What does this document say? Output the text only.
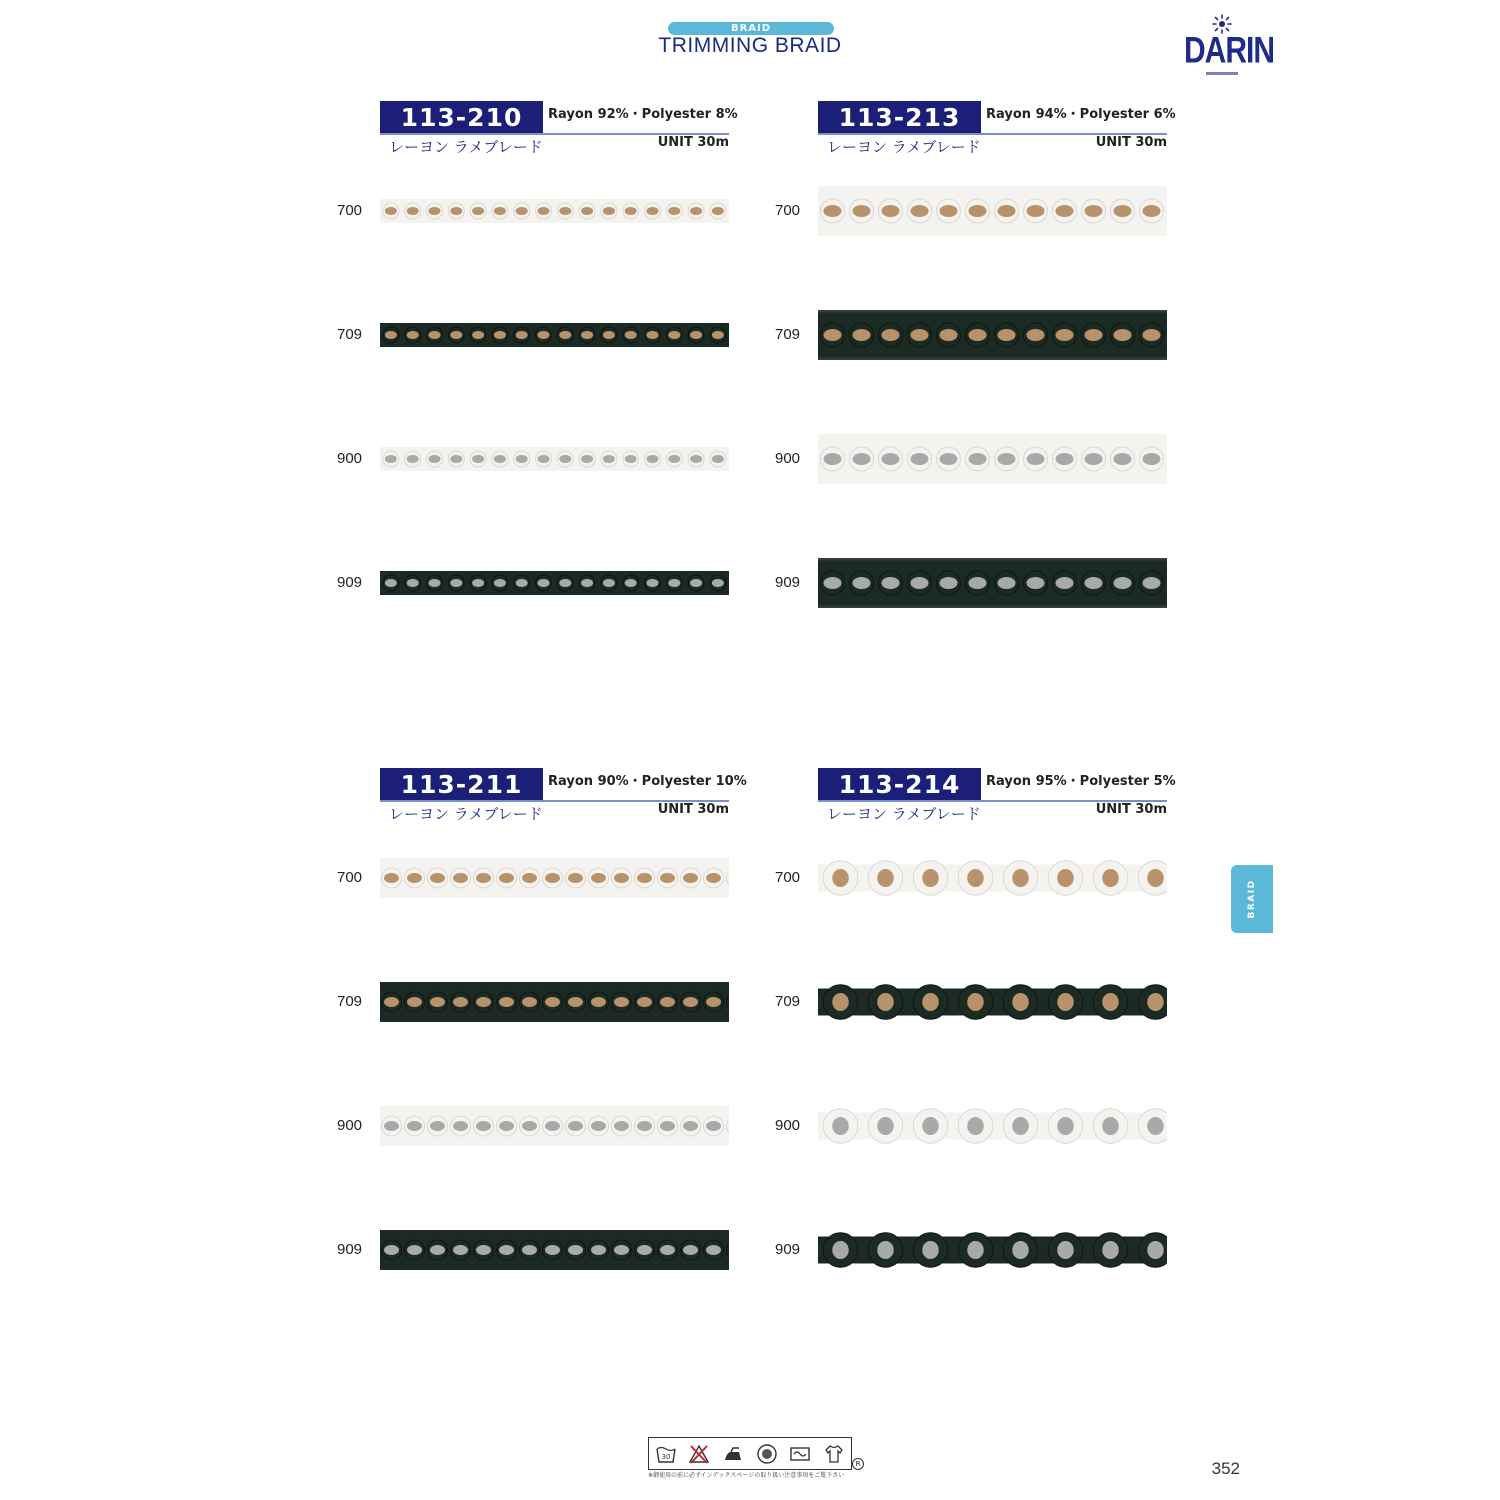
BRAID
TRIMMING BRAID	DARIN
113-210	Rayon 92%・Polyester 8%
レーヨン ラメブレード	UNIT 30m
700
709
900
909
113-213	Rayon 94%・Polyester 6%
レーヨン ラメブレード	UNIT 30m
700
709
900
909
113-211	Rayon 90%・Polyester 10%
レーヨン ラメブレード	UNIT 30m
700
709
900
909
113-214	Rayon 95%・Polyester 5%
レーヨン ラメブレード	UNIT 30m
700
709
900
909
BRAID
30
R
※御使用の前に必ずインデックスページの取り扱い注意事項をご覧下さい	352
